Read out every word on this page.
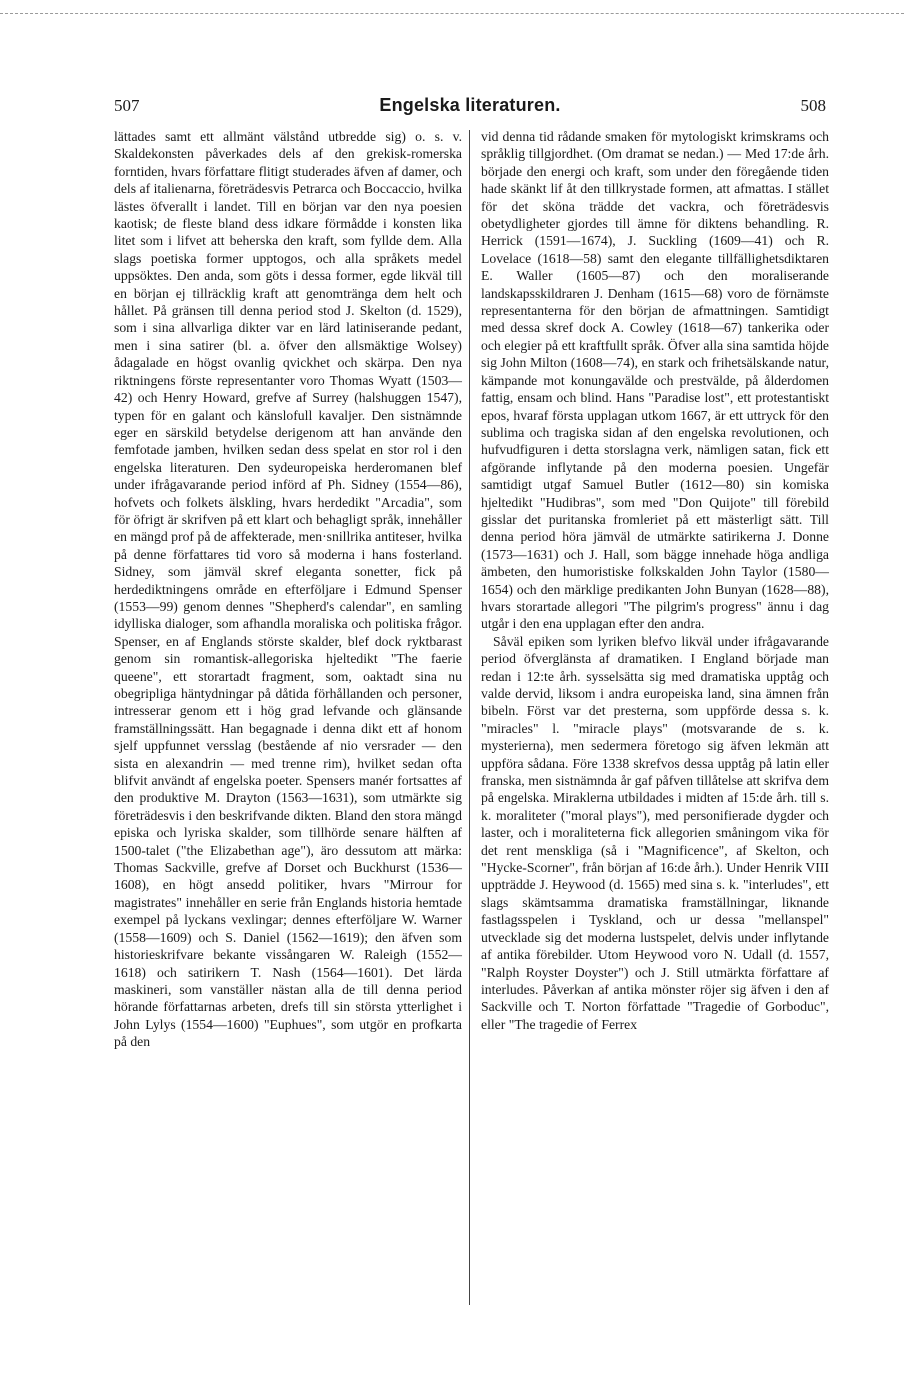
507	Engelska literaturen.	508

lättades samt ett allmänt välstånd utbredde sig) o. s. v. Skaldekonsten påverkades dels af den grekisk-romerska forntiden, hvars författare flitigt studerades äfven af damer, och dels af italienarna, företrädesvis Petrarca och Boccaccio, hvilka lästes öfverallt i landet. Till en början var den nya poesien kaotisk; de fleste bland dess idkare förmådde i konsten lika litet som i lifvet att beherska den kraft, som fyllde dem. Alla slags poetiska former upptogos, och alla språkets medel uppsöktes. Den anda, som göts i dessa former, egde likväl till en början ej tillräcklig kraft att genomtränga dem helt och hållet. På gränsen till denna period stod J. Skelton (d. 1529), som i sina allvarliga dikter var en lärd latiniserande pedant, men i sina satirer (bl. a. öfver den allsmäktige Wolsey) ådagalade en högst ovanlig qvickhet och skärpa. Den nya riktningens förste representanter voro Thomas Wyatt (1503—42) och Henry Howard, grefve af Surrey (halshuggen 1547), typen för en galant och känslofull kavaljer. Den sistnämnde eger en särskild betydelse derigenom att han använde den femfotade jamben, hvilken sedan dess spelat en stor rol i den engelska literaturen. Den sydeuropeiska herderomanen blef under ifrågavarande period införd af Ph. Sidney (1554—86), hofvets och folkets älskling, hvars herdedikt "Arcadia", som för öfrigt är skrifven på ett klart och behagligt språk, innehåller en mängd prof på de affekterade, men·snillrika antiteser, hvilka på denne författares tid voro så moderna i hans fosterland. Sidney, som jämväl skref eleganta sonetter, fick på herdediktningens område en efterföljare i Edmund Spenser (1553—99) genom dennes "Shepherd's calendar", en samling idylliska dialoger, som afhandla moraliska och politiska frågor. Spenser, en af Englands störste skalder, blef dock ryktbarast genom sin romantisk-allegoriska hjeltedikt "The faerie queene", ett storartadt fragment, som, oaktadt sina nu obegripliga häntydningar på dåtida förhållanden och personer, intresserar genom ett i hög grad lefvande och glänsande framställningssätt. Han begagnade i denna dikt ett af honom sjelf uppfunnet versslag (bestående af nio versrader — den sista en alexandrin — med trenne rim), hvilket sedan ofta blifvit användt af engelska poeter. Spensers manér fortsattes af den produktive M. Drayton (1563—1631), som utmärkte sig företrädesvis i den beskrifvande dikten. Bland den stora mängd episka och lyriska skalder, som tillhörde senare hälften af 1500-talet ("the Elizabethan age"), äro dessutom att märka: Thomas Sackville, grefve af Dorset och Buckhurst (1536—1608), en högt ansedd politiker, hvars "Mirrour for magistrates" innehåller en serie från Englands historia hemtade exempel på lyckans vexlingar; dennes efterföljare W. Warner (1558—1609) och S. Daniel (1562—1619); den äfven som historieskrifvare bekante vissångaren W. Raleigh (1552—1618) och satirikern T. Nash (1564—1601). Det lärda maskineri, som vanställer nästan alla de till denna period hörande författarnas arbeten, drefs till sin största ytterlighet i John Lylys (1554—1600) "Euphues", som utgör en profkarta på den

vid denna tid rådande smaken för mytologiskt krimskrams och språklig tillgjordhet. (Om dramat se nedan.) — Med 17:de årh. började den energi och kraft, som under den föregående tiden hade skänkt lif åt den tillkrystade formen, att afmattas. I stället för det sköna trädde det vackra, och företrädesvis obetydligheter gjordes till ämne för diktens behandling. R. Herrick (1591—1674), J. Suckling (1609—41) och R. Lovelace (1618—58) samt den elegante tillfällighetsdiktaren E. Waller (1605—87) och den moraliserande landskapsskildraren J. Denham (1615—68) voro de förnämste representanterna för den början de afmattningen. Samtidigt med dessa skref dock A. Cowley (1618—67) tankerika oder och elegier på ett kraftfullt språk. Öfver alla sina samtida höjde sig John Milton (1608—74), en stark och frihetsälskande natur, kämpande mot konungavälde och prestvälde, på ålderdomen fattig, ensam och blind. Hans "Paradise lost", ett protestantiskt epos, hvaraf första upplagan utkom 1667, är ett uttryck för den sublima och tragiska sidan af den engelska revolutionen, och hufvudfiguren i detta storslagna verk, nämligen satan, fick ett afgörande inflytande på den moderna poesien. Ungefär samtidigt utgaf Samuel Butler (1612—80) sin komiska hjeltedikt "Hudibras", som med "Don Quijote" till förebild gisslar det puritanska fromleriet på ett mästerligt sätt. Till denna period höra jämväl de utmärkte satirikerna J. Donne (1573—1631) och J. Hall, som bägge innehade höga andliga ämbeten, den humoristiske folkskalden John Taylor (1580—1654) och den märklige predikanten John Bunyan (1628—88), hvars storartade allegori "The pilgrim's progress" ännu i dag utgår i den ena upplagan efter den andra.

Såväl epiken som lyriken blefvo likväl under ifrågavarande period öfverglänsta af dramatiken. I England började man redan i 12:te årh. sysselsätta sig med dramatiska upptåg och valde dervid, liksom i andra europeiska land, sina ämnen från bibeln. Först var det presterna, som uppförde dessa s. k. "miracles" l. "miracle plays" (motsvarande de s. k. mysterierna), men sedermera företogo sig äfven lekmän att uppföra sådana. Före 1338 skrefvos dessa upptåg på latin eller franska, men sistnämnda år gaf påfven tillåtelse att skrifva dem på engelska. Miraklerna utbildades i midten af 15:de årh. till s. k. moraliteter ("moral plays"), med personifierade dygder och laster, och i moraliteterna fick allegorien småningom vika för det rent menskliga (så i "Magnificence", af Skelton, och "Hycke-Scorner", från början af 16:de årh.). Under Henrik VIII uppträdde J. Heywood (d. 1565) med sina s. k. "interludes", ett slags skämtsamma dramatiska framställningar, liknande fastlagsspelen i Tyskland, och ur dessa "mellanspel" utvecklade sig det moderna lustspelet, delvis under inflytande af antika förebilder. Utom Heywood voro N. Udall (d. 1557, "Ralph Royster Doyster") och J. Still utmärkta författare af interludes. Påverkan af antika mönster röjer sig äfven i den af Sackville och T. Norton författade "Tragedie of Gorboduc", eller "The tragedie of Ferrex
